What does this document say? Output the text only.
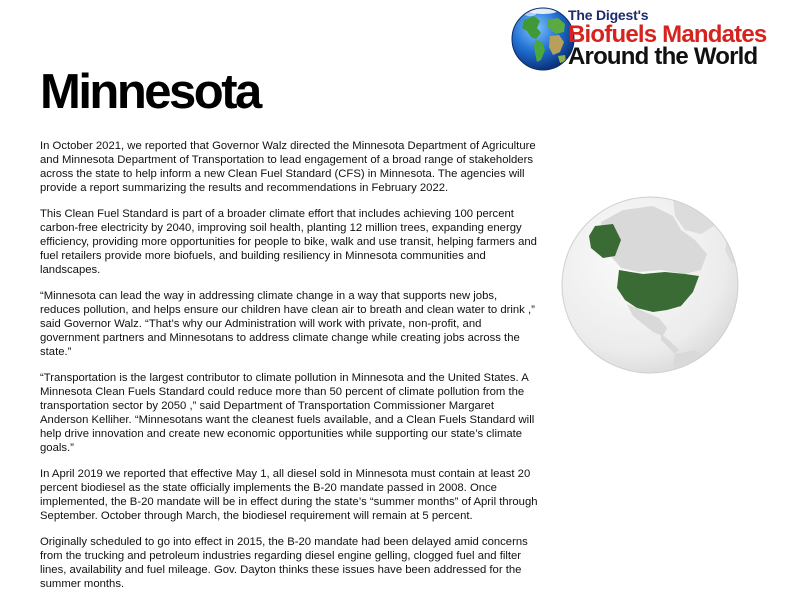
The Digest's
Biofuels Mandates
Around the World
Minnesota

In October 2021, we reported that Governor Walz directed the Minnesota Department of Agriculture and Minnesota Department of Transportation to lead engagement of a broad range of stakeholders across the state to help inform a new Clean Fuel Standard (CFS) in Minnesota. The agencies will provide a report summarizing the results and recommendations in February 2022.

This Clean Fuel Standard is part of a broader climate effort that includes achieving 100 percent carbon-free electricity by 2040, improving soil health, planting 12 million trees, expanding energy efficiency, providing more opportunities for people to bike, walk and use transit, helping farmers and fuel retailers provide more biofuels, and building resiliency in Minnesota communities and landscapes.

“Minnesota can lead the way in addressing climate change in a way that supports new jobs, reduces pollution, and helps ensure our children have clean air to breath and clean water to drink ,” said Governor Walz. “That’s why our Administration will work with private, non-profit, and government partners and Minnesotans to address climate change while creating jobs across the state.”

“Transportation is the largest contributor to climate pollution in Minnesota and the United States. A Minnesota Clean Fuels Standard could reduce more than 50 percent of climate pollution from the transportation sector by 2050 ,” said Department of Transportation Commissioner Margaret Anderson Kelliher. “Minnesotans want the cleanest fuels available, and a Clean Fuels Standard will help drive innovation and create new economic opportunities while supporting our state’s climate goals.”

In April 2019 we reported that effective May 1, all diesel sold in Minnesota must contain at least 20 percent biodiesel as the state officially implements the B-20 mandate passed in 2008. Once implemented, the B-20 mandate will be in effect during the state’s “summer months” of April through September. October through March, the biodiesel requirement will remain at 5 percent.

Originally scheduled to go into effect in 2015, the B-20 mandate had been delayed amid concerns from the trucking and petroleum industries regarding diesel engine gelling, clogged fuel and filter lines, availability and fuel mileage. Gov. Dayton thinks these issues have been addressed for the summer months.
